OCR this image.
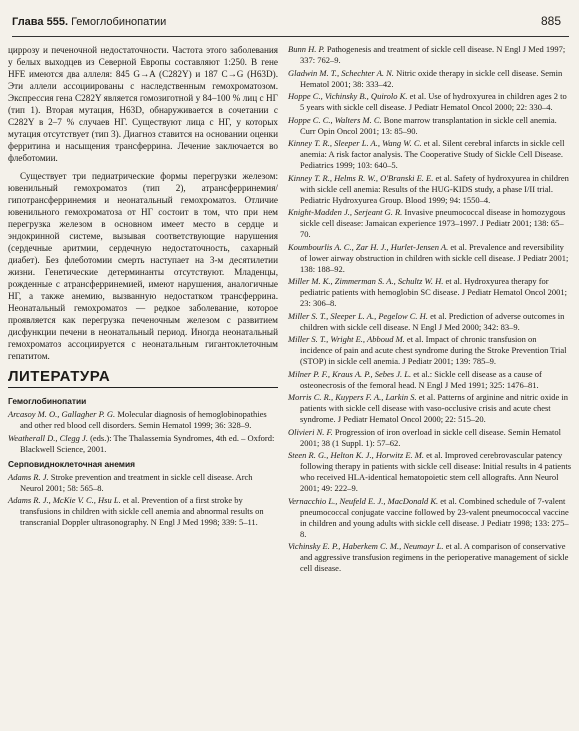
Глава 555. Гемоглобинопатии	885

циррозу и печеночной недостаточности. Частота этого заболевания у белых выходцев из Северной Европы составляют 1:250. В гене HFE имеются два аллеля: 845 G→A (C282Y) и 187 C→G (H63D). Эти аллели ассоциированы с наследственным гемохроматозом. Экспрессия гена C282Y является гомозиготной у 84–100 % лиц с НГ (тип 1). Вторая мутация, H63D, обнаруживается в сочетании с C282Y в 2–7 % случаев НГ. Существуют лица с НГ, у которых мутация отсутствует (тип 3). Диагноз ставится на основании оценки ферритина и насыщения трансферрина. Лечение заключается во флеботомии.

Существует три педиатрические формы перегрузки железом: ювенильный гемохроматоз (тип 2), атрансферринемия/гипотрансферринемия и неонатальный гемохроматоз. Отличие ювенильного гемохроматоза от НГ состоит в том, что при нем перегрузка железом в основном имеет место в сердце и эндокринной системе, вызывая соответствующие нарушения (сердечные аритмии, сердечную недостаточность, сахарный диабет). Без флеботомии смерть наступает на 3-м десятилетии жизни. Генетические детерминанты отсутствуют. Младенцы, рожденные с атрансферринемией, имеют нарушения, аналогичные НГ, а также анемию, вызванную недостатком трансферрина. Неонатальный гемохроматоз — редкое заболевание, которое проявляется как перегрузка печеночным железом с развитием дисфункции печени в неонатальный период. Иногда неонатальный гемохроматоз ассоциируется с неонатальным гигантоклеточным гепатитом.

ЛИТЕРАТУРА
Гемоглобинопатии

Arcasoy M. O., Gallagher P. G. Molecular diagnosis of hemoglobinopathies and other red blood cell disorders. Semin Hematol 1999; 36: 328–9.

Weatherall D., Clegg J. (eds.): The Thalassemia Syndromes, 4th ed. – Oxford: Blackwell Science, 2001.

Серповидноклеточная анемия

Adams R. J. Stroke prevention and treatment in sickle cell disease. Arch Neurol 2001; 58: 565–8.

Adams R. J., McKie V. C., Hsu L. et al. Prevention of a first stroke by transfusions in children with sickle cell anemia and abnormal results on transcranial Doppler ultrasonography. N Engl J Med 1998; 339: 5–11.

Bunn H. P. Pathogenesis and treatment of sickle cell disease. N Engl J Med 1997; 337: 762–9.

Gladwin M. T., Schechter A. N. Nitric oxide therapy in sickle cell disease. Semin Hematol 2001; 38: 333–42.

Hoppe C., Vichinsky B., Quirolo K. et al. Use of hydroxyurea in children ages 2 to 5 years with sickle cell disease. J Pediatr Hematol Oncol 2000; 22: 330–4.

Hoppe C. C., Walters M. C. Bone marrow transplantation in sickle cell anemia. Curr Opin Oncol 2001; 13: 85–90.

Kinney T. R., Sleeper L. A., Wang W. C. et al. Silent cerebral infarcts in sickle cell anemia: A risk factor analysis. The Cooperative Study of Sickle Cell Disease. Pediatrics 1999; 103: 640–5.

Kinney T. R., Helms R. W., O'Branski E. E. et al. Safety of hydroxyurea in children with sickle cell anemia: Results of the HUG-KIDS study, a phase I/II trial. Pediatric Hydroxyurea Group. Blood 1999; 94: 1550–4.

Knight-Madden J., Serjeant G. R. Invasive pneumococcal disease in homozygous sickle cell disease: Jamaican experience 1973–1997. J Pediatr 2001; 138: 65–70.

Koumbourlis A. C., Zar H. J., Hurlet-Jensen A. et al. Prevalence and reversibility of lower airway obstruction in children with sickle cell disease. J Pediatr 2001; 138: 188–92.

Miller M. K., Zimmerman S. A., Schultz W. H. et al. Hydroxyurea therapy for pediatric patients with hemoglobin SC disease. J Pediatr Hematol Oncol 2001; 23: 306–8.

Miller S. T., Sleeper L. A., Pegelow C. H. et al. Prediction of adverse outcomes in children with sickle cell disease. N Engl J Med 2000; 342: 83–9.

Miller S. T., Wright E., Abboud M. et al. Impact of chronic transfusion on incidence of pain and acute chest syndrome during the Stroke Prevention Trial (STOP) in sickle cell anemia. J Pediatr 2001; 139: 785–9.

Milner P. F., Kraus A. P., Sebes J. L. et al.: Sickle cell disease as a cause of osteonecrosis of the femoral head. N Engl J Med 1991; 325: 1476–81.

Morris C. R., Kuypers F. A., Larkin S. et al. Patterns of arginine and nitric oxide in patients with sickle cell disease with vaso-occlusive crisis and acute chest syndrome. J Pediatr Hematol Oncol 2000; 22: 515–20.

Olivieri N. F. Progression of iron overload in sickle cell disease. Semin Hematol 2001; 38 (1 Suppl. 1): 57–62.

Steen R. G., Helton K. J., Horwitz E. M. et al. Improved cerebrovascular patency following therapy in patients with sickle cell disease: Initial results in 4 patients who received HLA-identical hematopoietic stem cell allografts. Ann Neurol 2001; 49: 222–9.

Vernacchio L., Neufeld E. J., MacDonald K. et al. Combined schedule of 7-valent pneumococcal conjugate vaccine followed by 23-valent pneumococcal vaccine in children and young adults with sickle cell disease. J Pediatr 1998; 133: 275–8.

Vichinsky E. P., Haberkem C. M., Neumayr L. et al. A comparison of conservative and aggressive transfusion regimens in the perioperative management of sickle cell disease.
